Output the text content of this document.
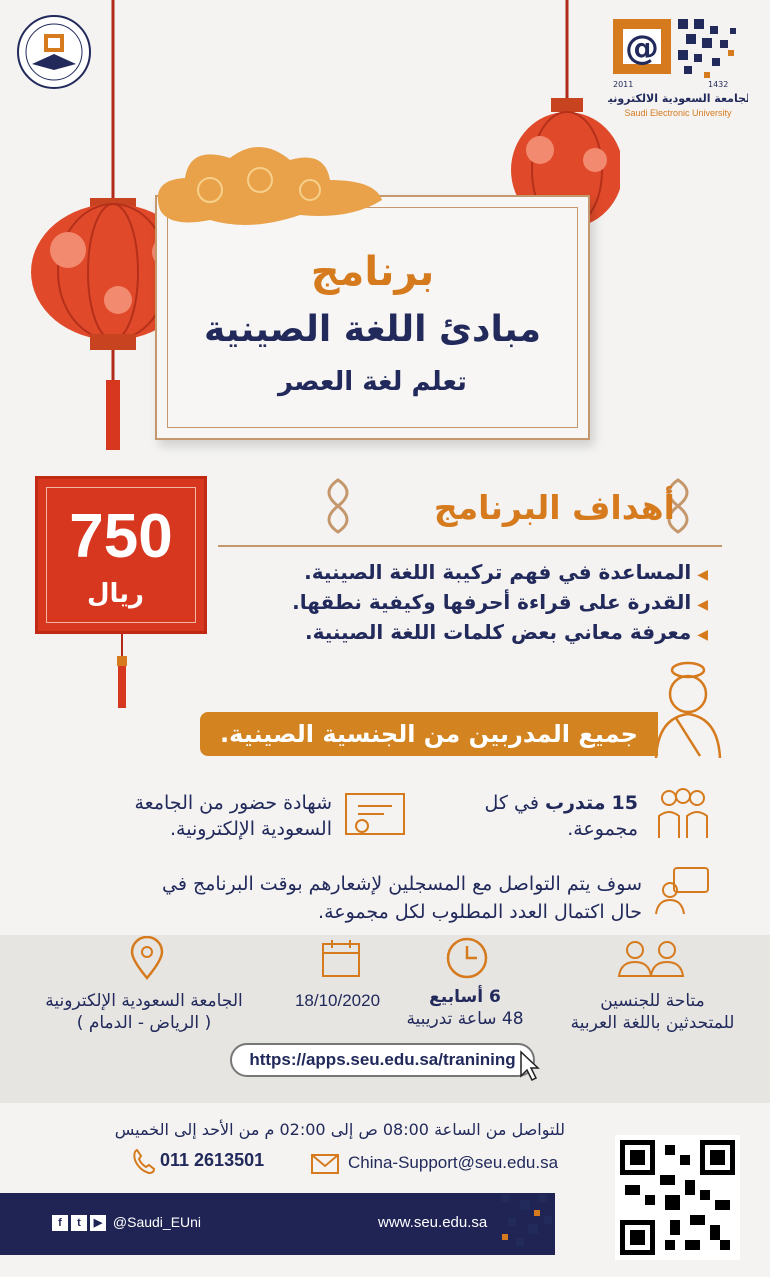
@
2011	1432
الجامعة السعودية الالكترونية
Saudi Electronic University
برنامج
مبادئ اللغة الصينية
تعلم لغة العصر
750
ريال
أهداف البرنامج
◀المساعدة في فهم تركيبة اللغة الصينية.
◀القدرة على قراءة أحرفها وكيفية نطقها.
◀معرفة معاني بعض كلمات اللغة الصينية.
جميع المدربين من الجنسية الصينية.
15 متدرب في كل مجموعة.
شهادة حضور من الجامعة السعودية الإلكترونية.
سوف يتم التواصل مع المسجلين لإشعارهم بوقت البرنامج في حال اكتمال العدد المطلوب لكل مجموعة.
متاحة للجنسين
للمتحدثين باللغة العربية
6 أسابيع
48 ساعة تدريبية
18/10/2020
الجامعة السعودية الإلكترونية
( الرياض - الدمام )
https://apps.seu.edu.sa/tranining
للتواصل من الساعة 08:00 ص إلى 02:00 م من الأحد إلى الخميس
011 2613501	China-Support@seu.edu.sa
f t ▶ @Saudi_EUni	www.seu.edu.sa
